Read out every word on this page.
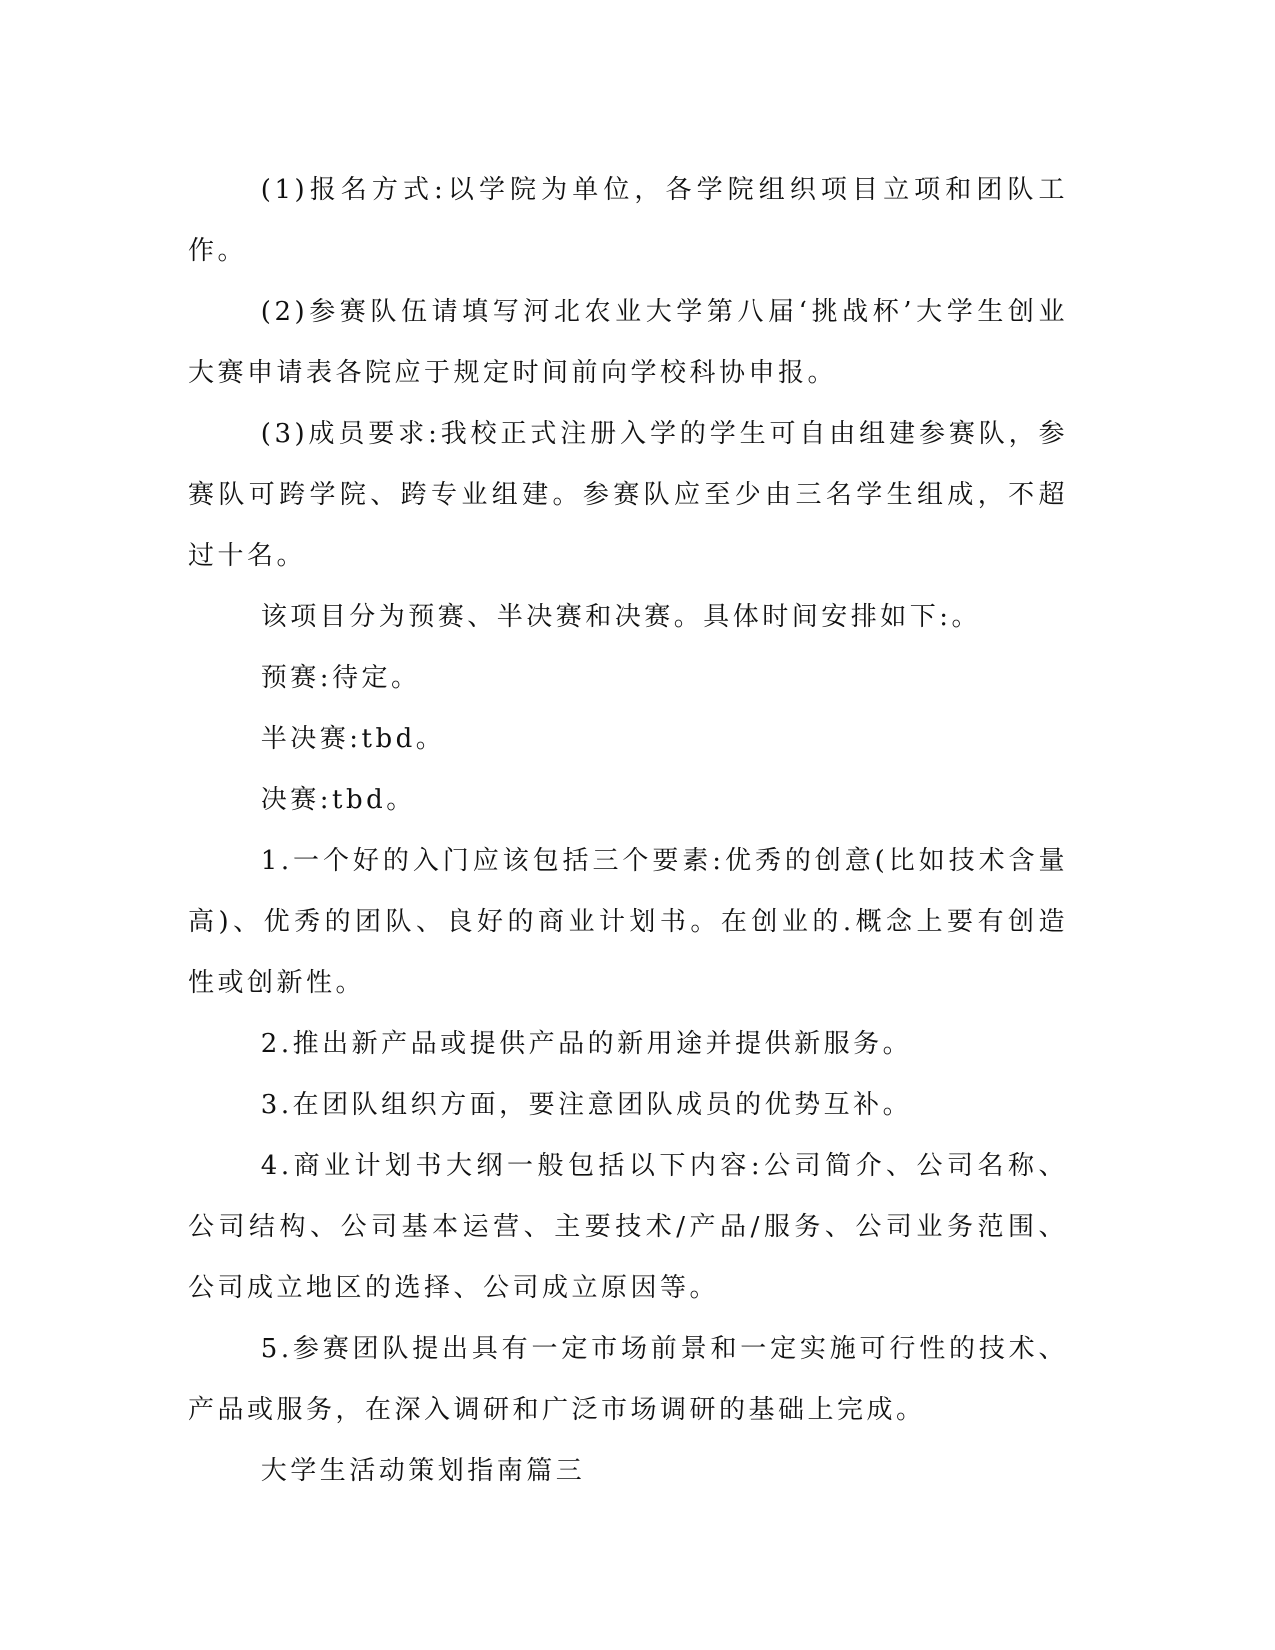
(1)报名方式:以学院为单位，各学院组织项目立项和团队工作。

(2)参赛队伍请填写河北农业大学第八届‘挑战杯’大学生创业大赛申请表各院应于规定时间前向学校科协申报。

(3)成员要求:我校正式注册入学的学生可自由组建参赛队，参赛队可跨学院、跨专业组建。参赛队应至少由三名学生组成，不超过十名。

该项目分为预赛、半决赛和决赛。具体时间安排如下:。

预赛:待定。

半决赛:tbd。

决赛:tbd。

1.一个好的入门应该包括三个要素:优秀的创意(比如技术含量高)、优秀的团队、良好的商业计划书。在创业的.概念上要有创造性或创新性。

2.推出新产品或提供产品的新用途并提供新服务。

3.在团队组织方面，要注意团队成员的优势互补。

4.商业计划书大纲一般包括以下内容:公司简介、公司名称、公司结构、公司基本运营、主要技术/产品/服务、公司业务范围、公司成立地区的选择、公司成立原因等。

5.参赛团队提出具有一定市场前景和一定实施可行性的技术、产品或服务，在深入调研和广泛市场调研的基础上完成。

大学生活动策划指南篇三
